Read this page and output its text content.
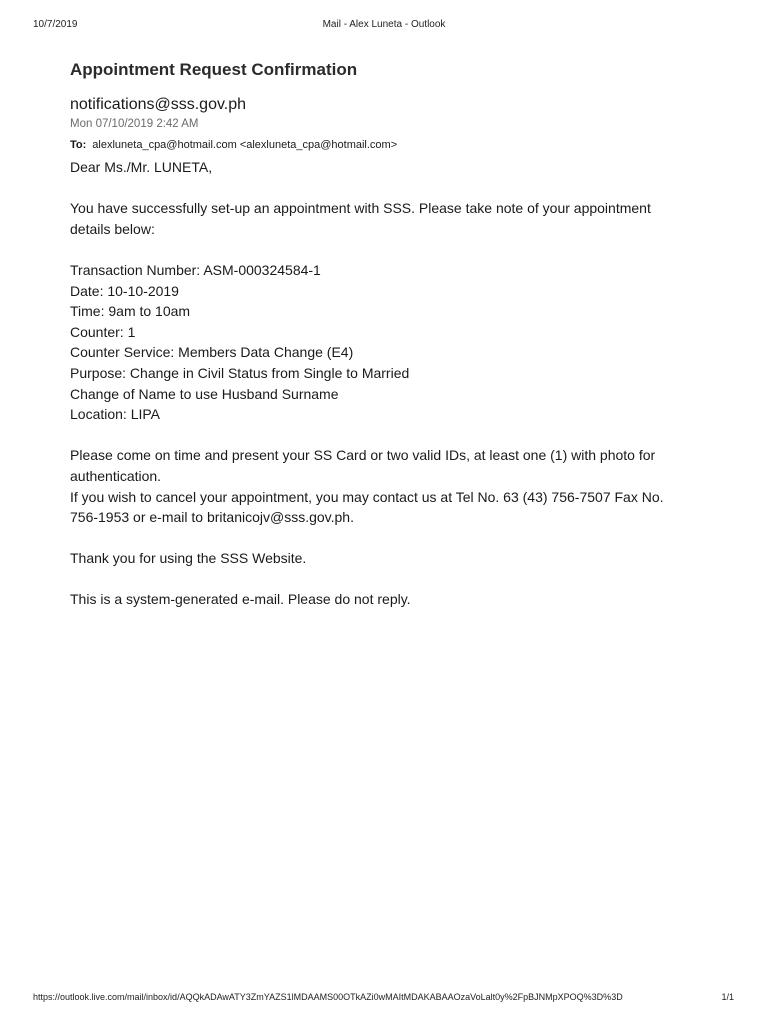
10/7/2019	Mail - Alex Luneta - Outlook
Appointment Request Confirmation
notifications@sss.gov.ph
Mon 07/10/2019 2:42 AM
To: alexluneta_cpa@hotmail.com <alexluneta_cpa@hotmail.com>

Dear Ms./Mr. LUNETA,

You have successfully set-up an appointment with SSS. Please take note of your appointment

details below:

Transaction Number: ASM-000324584-1

Date: 10-10-2019

Time: 9am to 10am

Counter: 1

Counter Service: Members Data Change (E4)

Purpose: Change in Civil Status from Single to Married

Change of Name to use Husband Surname

Location: LIPA

Please come on time and present your SS Card or two valid IDs, at least one (1) with photo for

authentication.

If you wish to cancel your appointment, you may contact us at Tel No. 63 (43) 756-7507 Fax No.

756-1953 or e-mail to britanicojv@sss.gov.ph.

Thank you for using the SSS Website.

This is a system-generated e-mail. Please do not reply.

https://outlook.live.com/mail/inbox/id/AQQkADAwATY3ZmYAZS1lMDAAMS00OTkAZi0wMAItMDAKABAAOzaVoLalt0y%2FpBJNMpXPOQ%3D%3D	1/1
